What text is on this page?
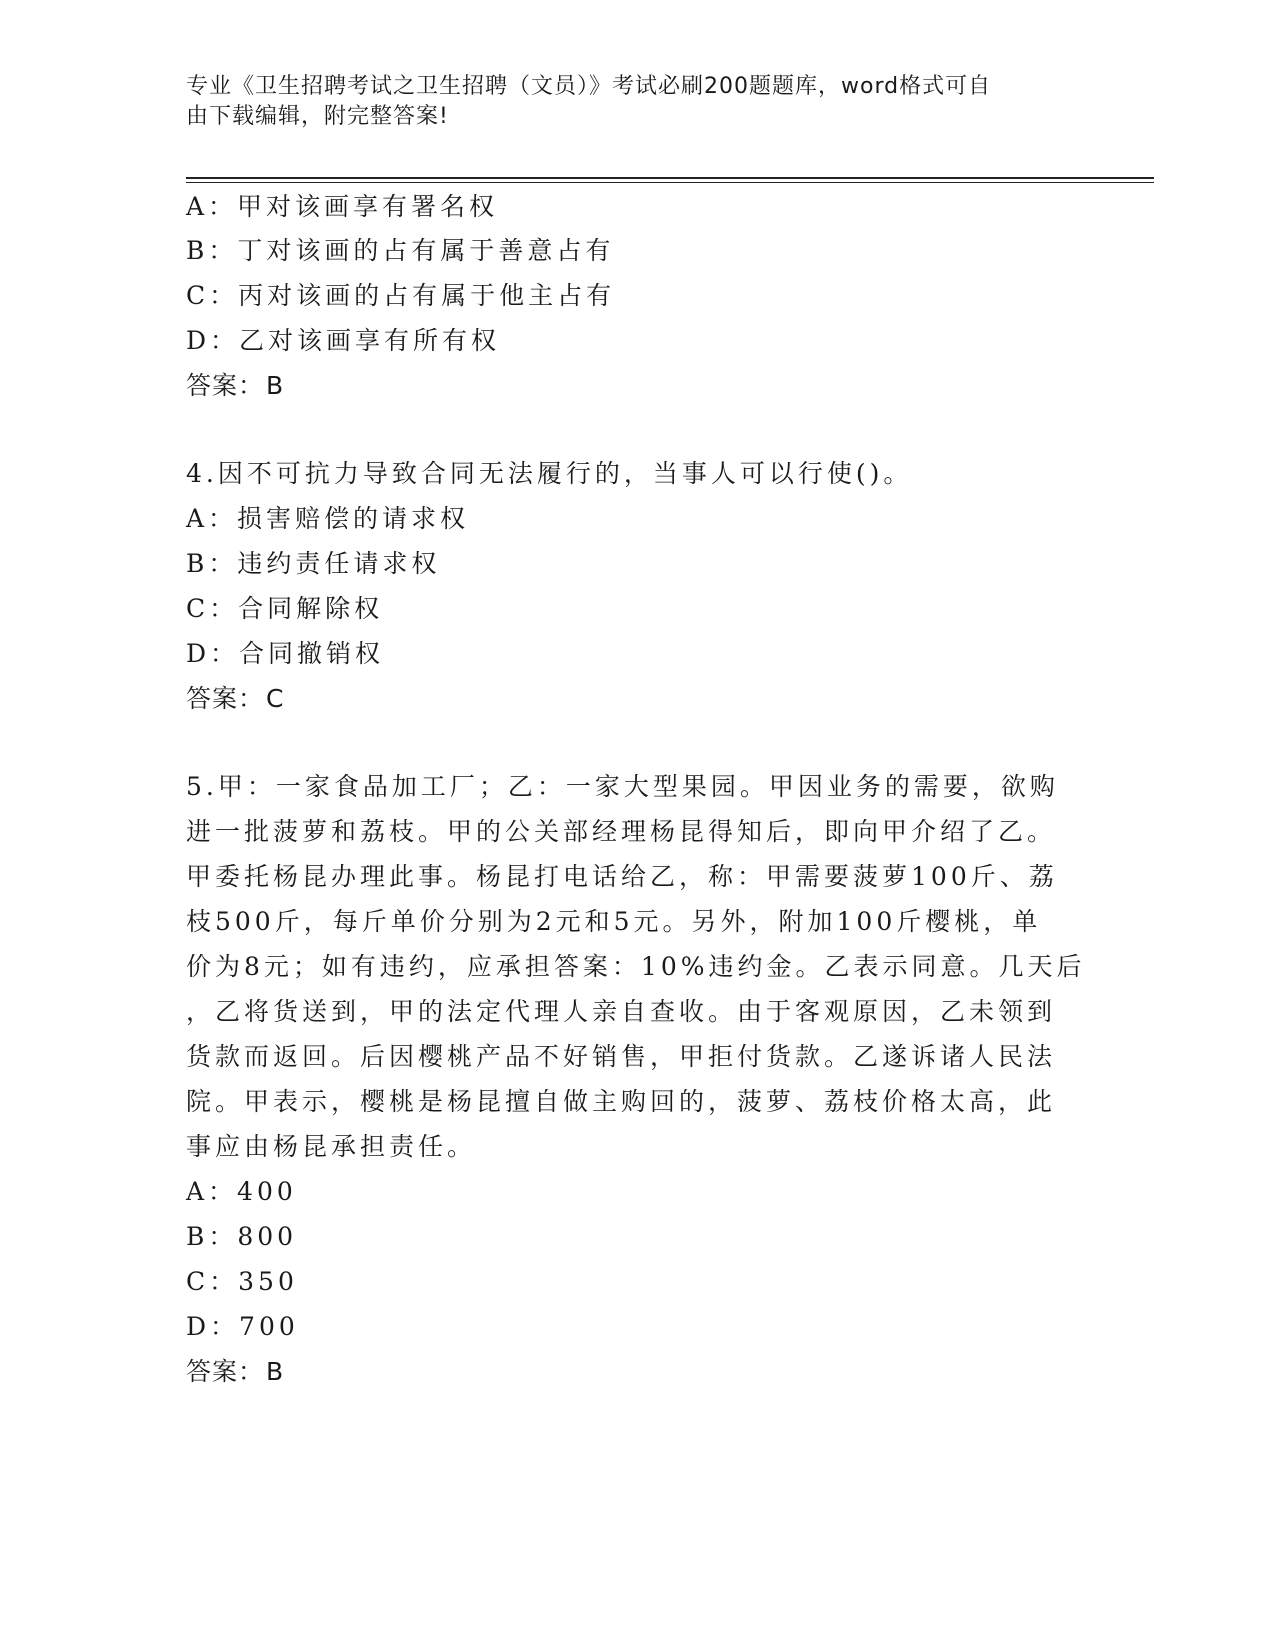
专业《卫生招聘考试之卫生招聘（文员）》考试必刷200题题库，word格式可自
由下载编辑，附完整答案!
A：甲对该画享有署名权
B：丁对该画的占有属于善意占有
C：丙对该画的占有属于他主占有
D：乙对该画享有所有权
答案：B
4.因不可抗力导致合同无法履行的，当事人可以行使()。
A：损害赔偿的请求权
B：违约责任请求权
C：合同解除权
D：合同撤销权
答案：C
5.甲：一家食品加工厂；乙：一家大型果园。甲因业务的需要，欲购
进一批菠萝和荔枝。甲的公关部经理杨昆得知后，即向甲介绍了乙。
甲委托杨昆办理此事。杨昆打电话给乙，称：甲需要菠萝100斤、荔
枝500斤，每斤单价分别为2元和5元。另外，附加100斤樱桃，单
价为8元；如有违约，应承担答案：10%违约金。乙表示同意。几天后
，乙将货送到，甲的法定代理人亲自查收。由于客观原因，乙未领到
货款而返回。后因樱桃产品不好销售，甲拒付货款。乙遂诉诸人民法
院。甲表示，樱桃是杨昆擅自做主购回的，菠萝、荔枝价格太高，此
事应由杨昆承担责任。
A：400
B：800
C：350
D：700
答案：B
